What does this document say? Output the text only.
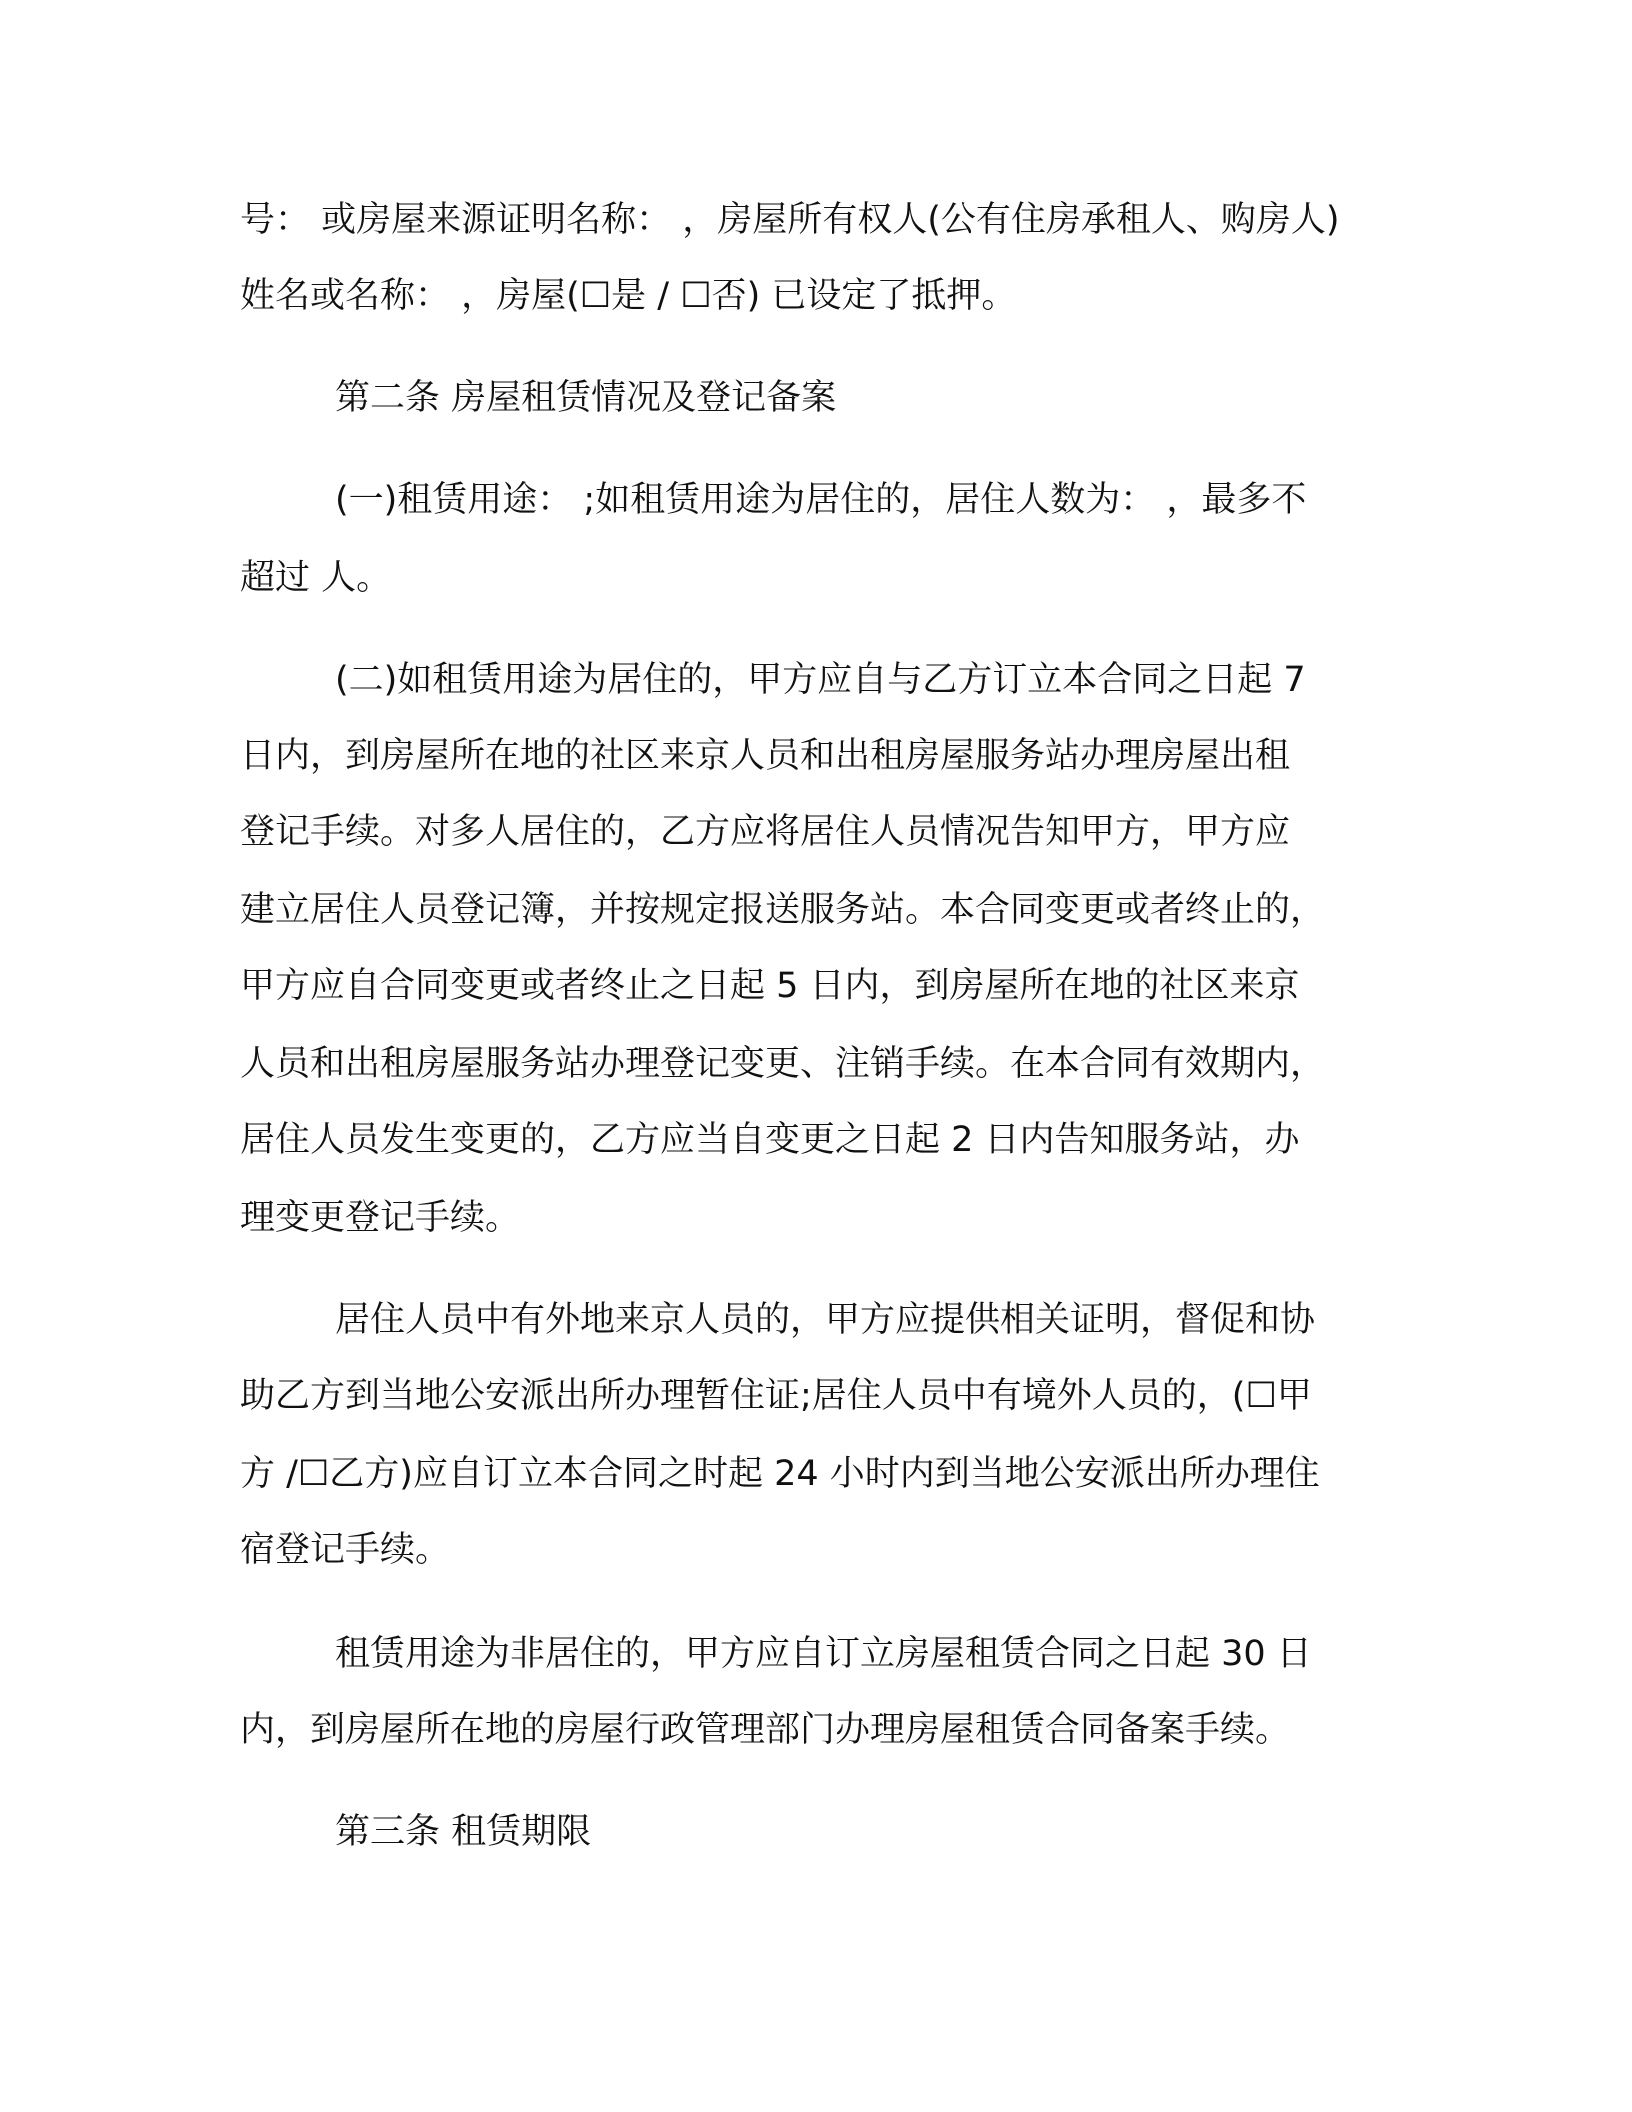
号： 或房屋来源证明名称： ，房屋所有权人(公有住房承租人、购房人)
姓名或名称： ，房屋(☐是 / ☐否) 已设定了抵押。
第二条 房屋租赁情况及登记备案
(一)租赁用途： ;如租赁用途为居住的，居住人数为： ，最多不
超过 人。
(二)如租赁用途为居住的，甲方应自与乙方订立本合同之日起 7
日内，到房屋所在地的社区来京人员和出租房屋服务站办理房屋出租
登记手续。对多人居住的，乙方应将居住人员情况告知甲方，甲方应
建立居住人员登记簿，并按规定报送服务站。本合同变更或者终止的，
甲方应自合同变更或者终止之日起 5 日内，到房屋所在地的社区来京
人员和出租房屋服务站办理登记变更、注销手续。在本合同有效期内，
居住人员发生变更的，乙方应当自变更之日起 2 日内告知服务站，办
理变更登记手续。
居住人员中有外地来京人员的，甲方应提供相关证明，督促和协
助乙方到当地公安派出所办理暂住证;居住人员中有境外人员的，(☐甲
方 /☐乙方)应自订立本合同之时起 24 小时内到当地公安派出所办理住
宿登记手续。
租赁用途为非居住的，甲方应自订立房屋租赁合同之日起 30 日
内，到房屋所在地的房屋行政管理部门办理房屋租赁合同备案手续。
第三条 租赁期限
